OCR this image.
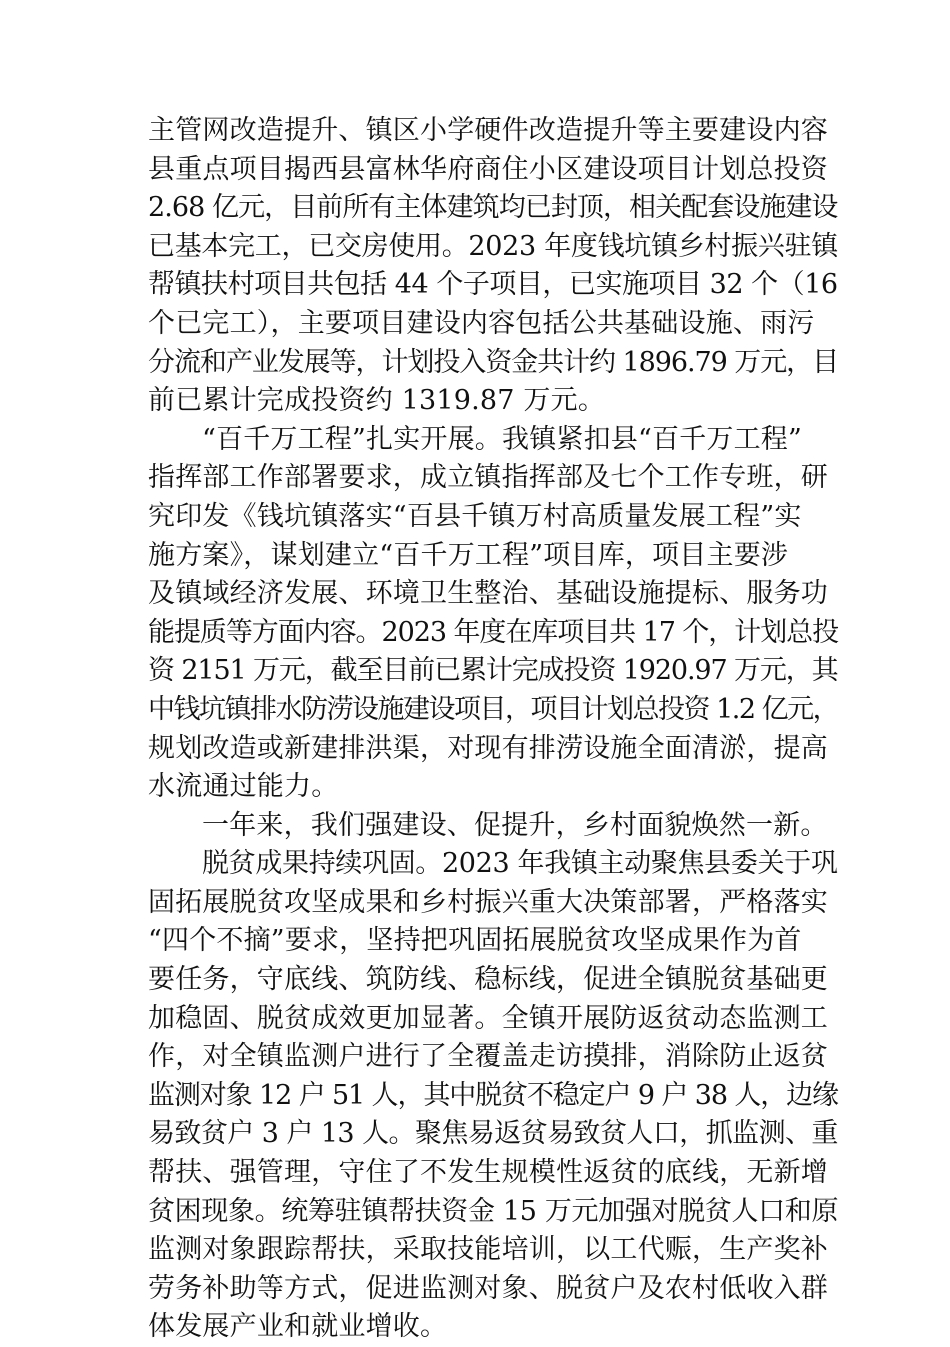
主管网改造提升、镇区小学硬件改造提升等主要建设内容
县重点项目揭西县富林华府商住小区建设项目计划总投资
2.68 亿元，目前所有主体建筑均已封顶，相关配套设施建设
已基本完工，已交房使用。2023 年度钱坑镇乡村振兴驻镇
帮镇扶村项目共包括 44 个子项目，已实施项目 32 个（16
个已完工），主要项目建设内容包括公共基础设施、雨污
分流和产业发展等，计划投入资金共计约 1896.79 万元，目
前已累计完成投资约 1319.87 万元。
“百千万工程”扎实开展。我镇紧扣县“百千万工程”
指挥部工作部署要求，成立镇指挥部及七个工作专班，研
究印发《钱坑镇落实“百县千镇万村高质量发展工程”实
施方案》，谋划建立“百千万工程”项目库，项目主要涉
及镇域经济发展、环境卫生整治、基础设施提标、服务功
能提质等方面内容。2023 年度在库项目共 17 个，计划总投
资 2151 万元，截至目前已累计完成投资 1920.97 万元，其
中钱坑镇排水防涝设施建设项目，项目计划总投资 1.2 亿元，
规划改造或新建排洪渠，对现有排涝设施全面清淤，提高
水流通过能力。
一年来，我们强建设、促提升，乡村面貌焕然一新。
脱贫成果持续巩固。2023 年我镇主动聚焦县委关于巩
固拓展脱贫攻坚成果和乡村振兴重大决策部署，严格落实
“四个不摘”要求，坚持把巩固拓展脱贫攻坚成果作为首
要任务，守底线、筑防线、稳标线，促进全镇脱贫基础更
加稳固、脱贫成效更加显著。全镇开展防返贫动态监测工
作，对全镇监测户进行了全覆盖走访摸排，消除防止返贫
监测对象 12 户 51 人，其中脱贫不稳定户 9 户 38 人，边缘
易致贫户 3 户 13 人。聚焦易返贫易致贫人口，抓监测、重
帮扶、强管理，守住了不发生规模性返贫的底线，无新增
贫困现象。统筹驻镇帮扶资金 15 万元加强对脱贫人口和原
监测对象跟踪帮扶，采取技能培训，以工代赈，生产奖补
劳务补助等方式，促进监测对象、脱贫户及农村低收入群
体发展产业和就业增收。
